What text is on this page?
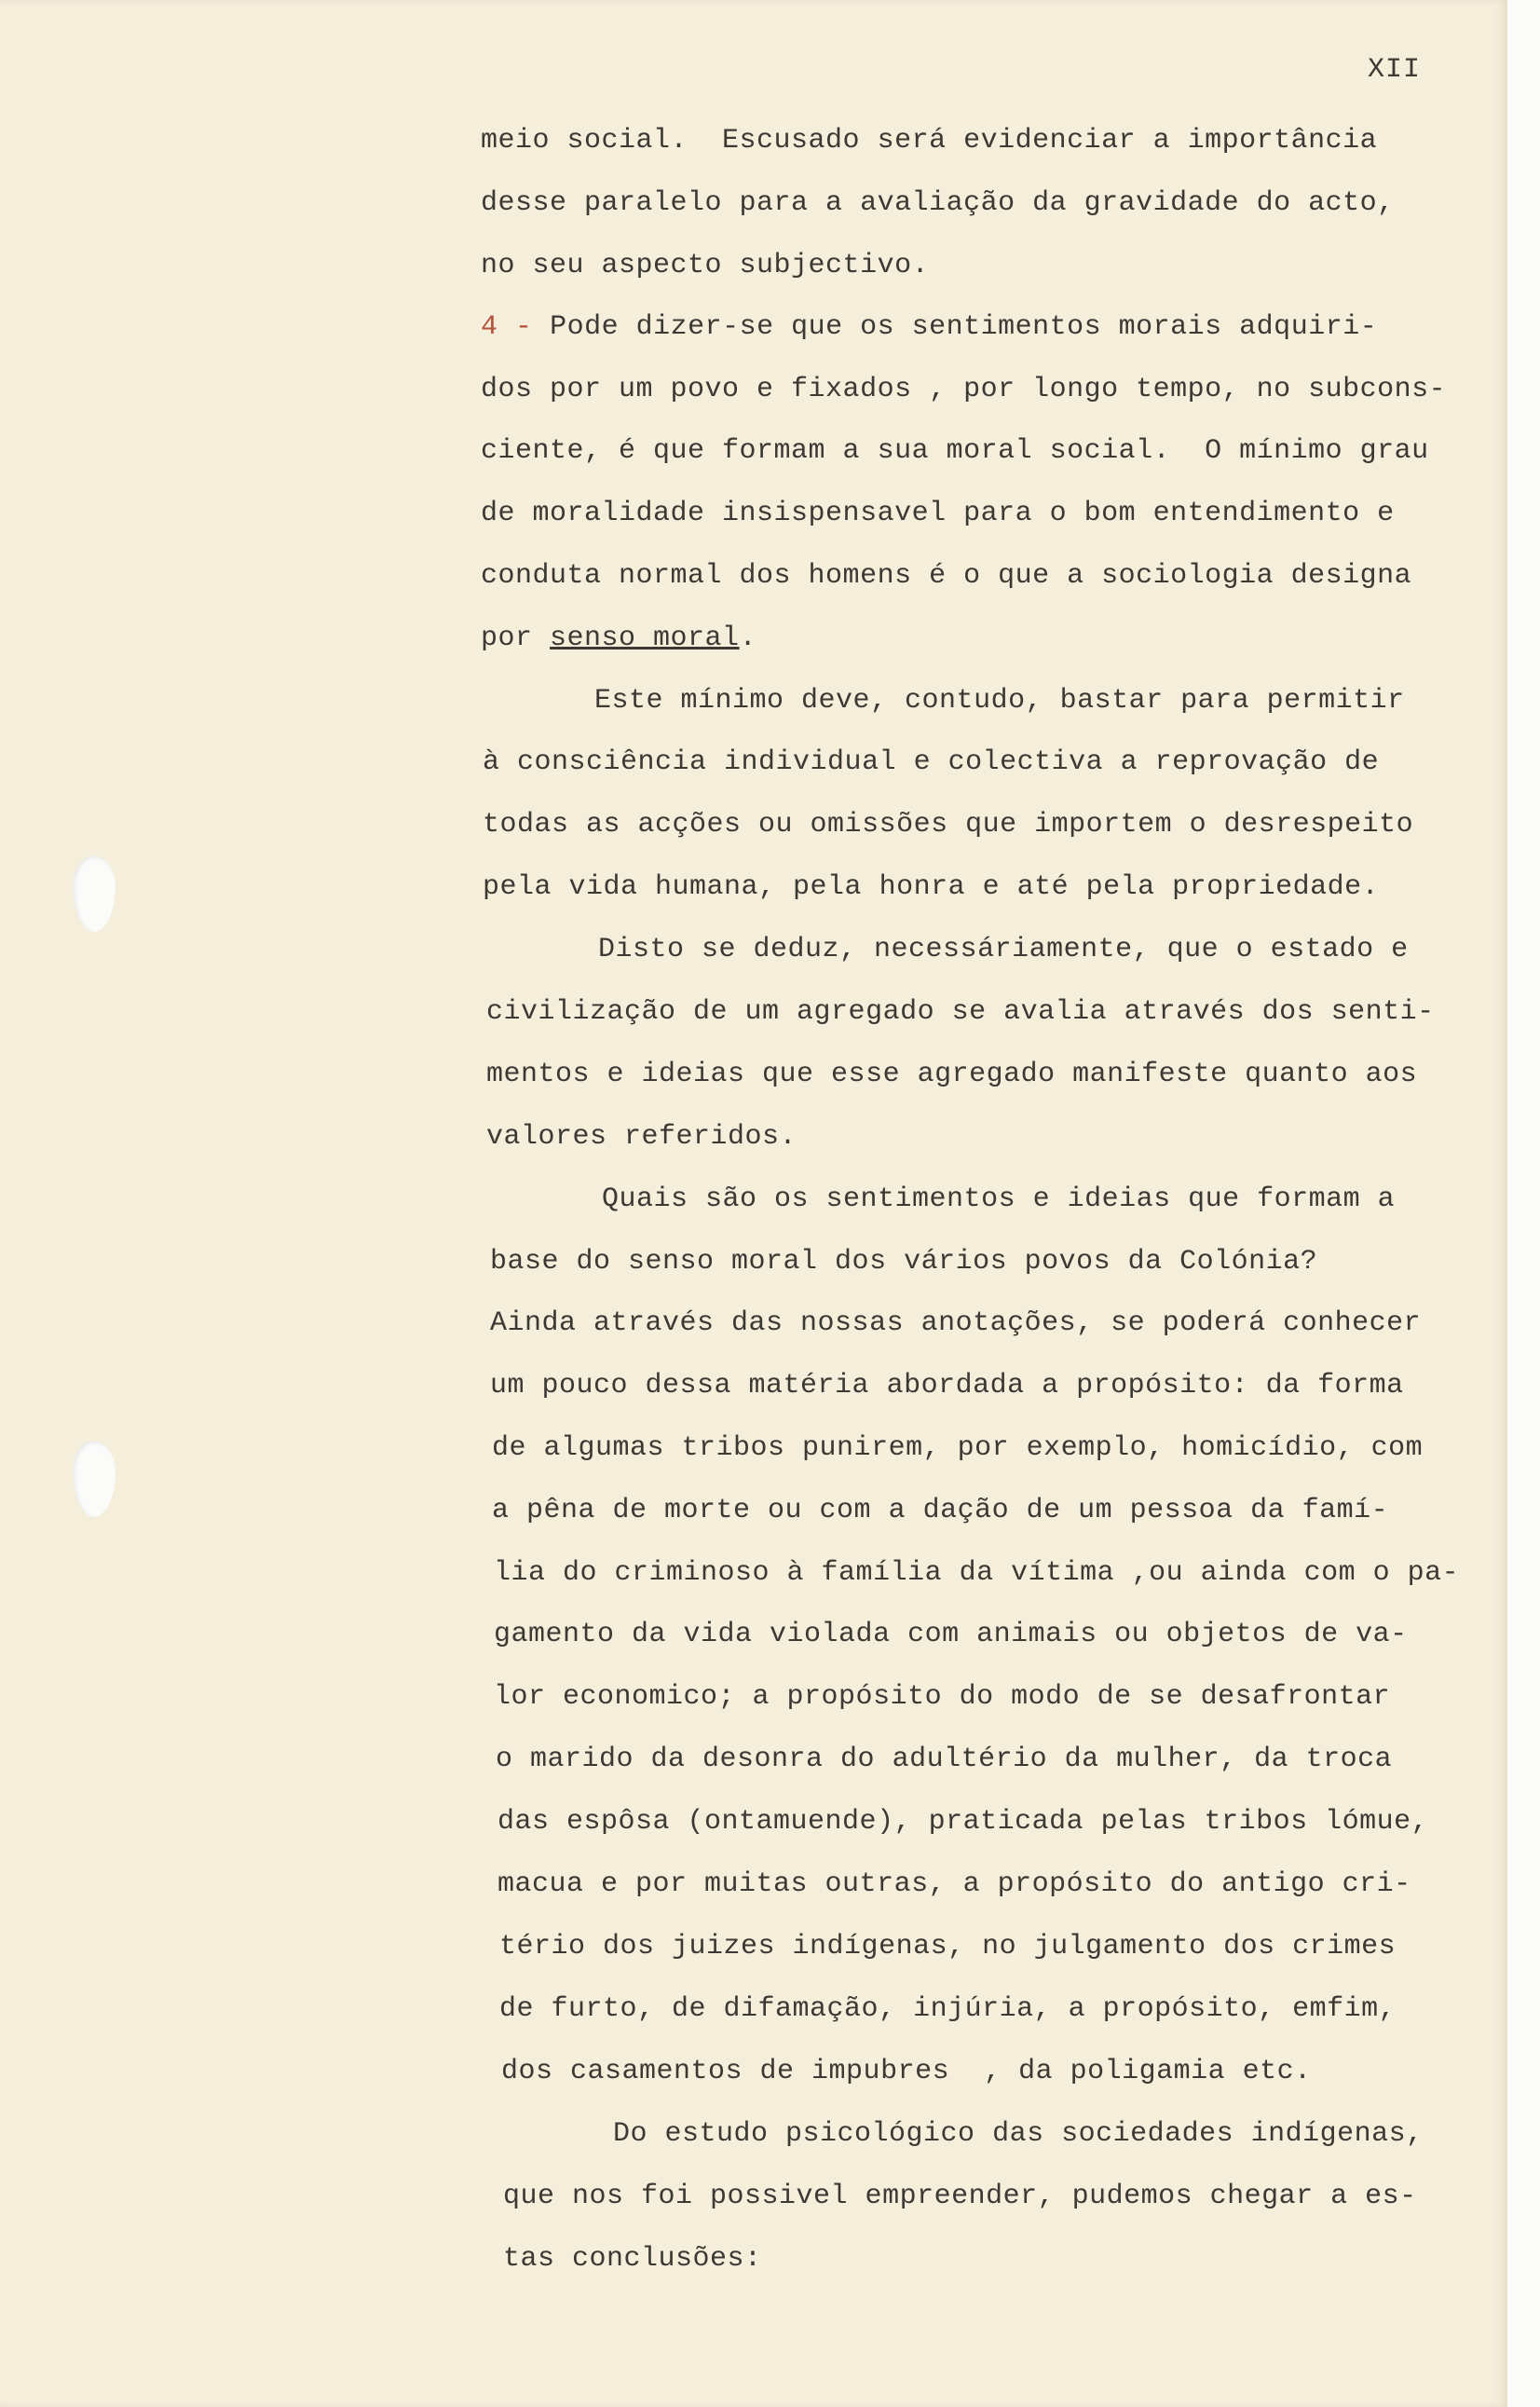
XII

meio social.  Escusado será evidenciar a importância

desse paralelo para a avaliação da gravidade do acto,

no seu aspecto subjectivo.

4 - Pode dizer-se que os sentimentos morais adquiri-

dos por um povo e fixados , por longo tempo, no subcons-

ciente, é que formam a sua moral social.  O mínimo grau

de moralidade insispensavel para o bom entendimento e

conduta normal dos homens é o que a sociologia designa

por senso moral.

Este mínimo deve, contudo, bastar para permitir

à consciência individual e colectiva a reprovação de

todas as acções ou omissões que importem o desrespeito

pela vida humana, pela honra e até pela propriedade.

Disto se deduz, necessáriamente, que o estado e

civilização de um agregado se avalia através dos senti-

mentos e ideias que esse agregado manifeste quanto aos

valores referidos.

Quais são os sentimentos e ideias que formam a

base do senso moral dos vários povos da Colónia?

Ainda através das nossas anotações, se poderá conhecer

um pouco dessa matéria abordada a propósito: da forma

de algumas tribos punirem, por exemplo, homicídio, com

a pêna de morte ou com a dação de um pessoa da famí-

lia do criminoso à família da vítima ,ou ainda com o pa-

gamento da vida violada com animais ou objetos de va-

lor economico; a propósito do modo de se desafrontar

o marido da desonra do adultério da mulher, da troca

das espôsa (ontamuende), praticada pelas tribos lómue,

macua e por muitas outras, a propósito do antigo cri-

tério dos juizes indígenas, no julgamento dos crimes

de furto, de difamação, injúria, a propósito, emfim,

dos casamentos de impubres  , da poligamia etc.

Do estudo psicológico das sociedades indígenas,

que nos foi possivel empreender, pudemos chegar a es-

tas conclusões:
